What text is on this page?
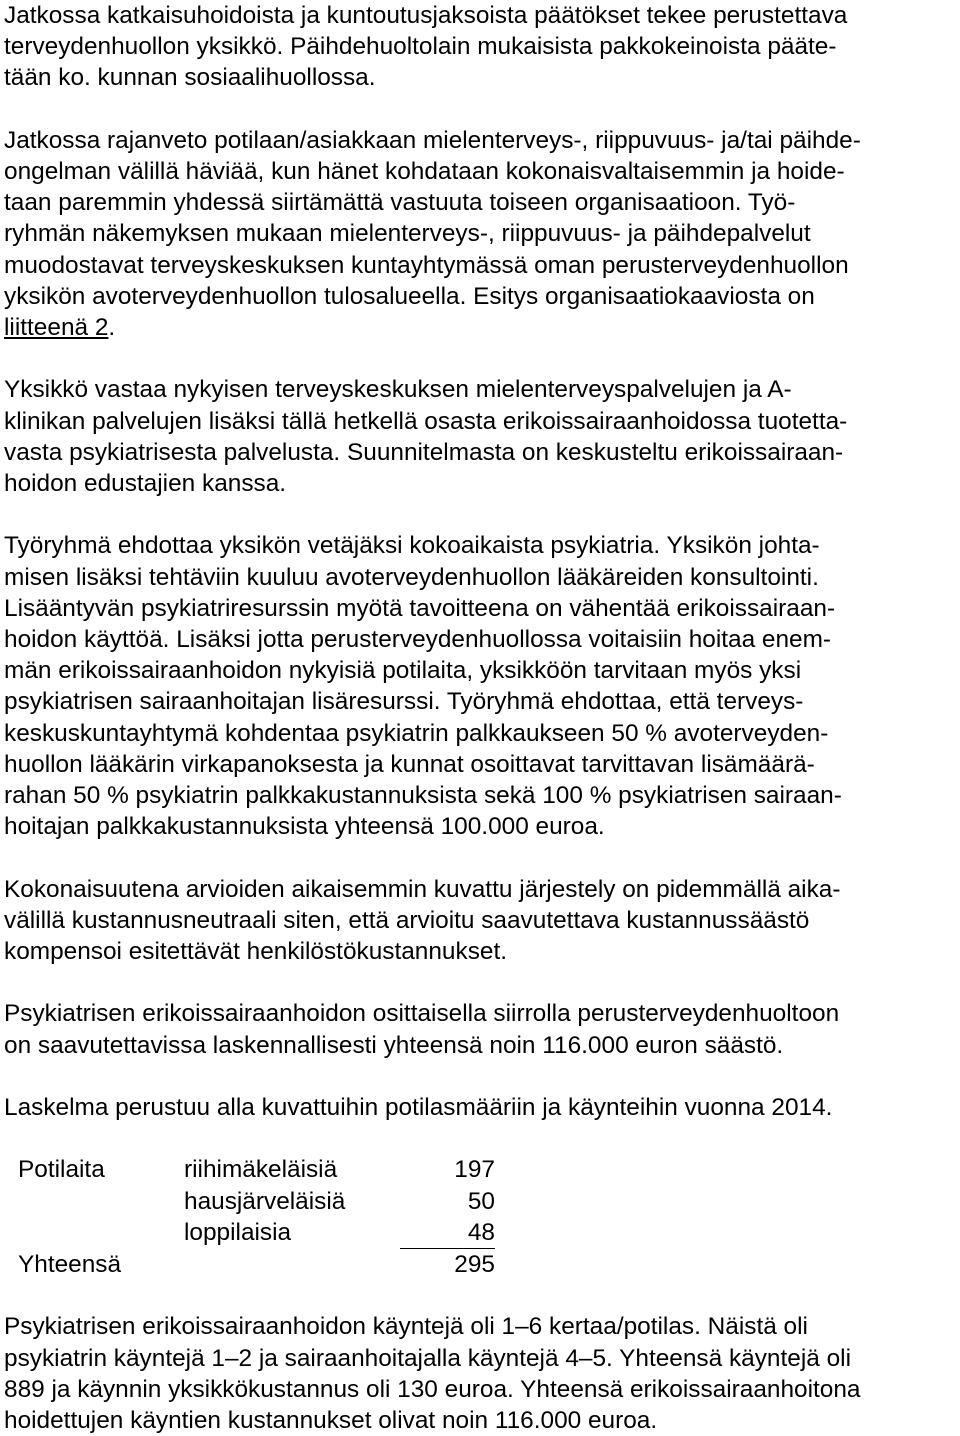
Jatkossa katkaisuhoidoista ja kuntoutusjaksoista päätökset tekee perustettava
terveydenhuollon yksikkö. Päihdehuoltolain mukaisista pakkokeinoista pääte-
tään ko. kunnan sosiaalihuollossa.
Jatkossa rajanveto potilaan/asiakkaan mielenterveys-, riippuvuus- ja/tai päihde-
ongelman välillä häviää, kun hänet kohdataan kokonaisvaltaisemmin ja hoide-
taan paremmin yhdessä siirtämättä vastuuta toiseen organisaatioon. Työ-
ryhmän näkemyksen mukaan mielenterveys-, riippuvuus- ja päihdepalvelut
muodostavat terveyskeskuksen kuntayhtymässä oman perusterveydenhuollon
yksikön avoterveydenhuollon tulosalueella. Esitys organisaatiokaaviosta on
liitteenä 2.
Yksikkö vastaa nykyisen terveyskeskuksen mielenterveyspalvelujen ja A-
klinikan palvelujen lisäksi tällä hetkellä osasta erikoissairaanhoidossa tuotetta-
vasta psykiatrisesta palvelusta. Suunnitelmasta on keskusteltu erikoissairaan-
hoidon edustajien kanssa.
Työryhmä ehdottaa yksikön vetäjäksi kokoaikaista psykiatria. Yksikön johta-
misen lisäksi tehtäviin kuuluu avoterveydenhuollon lääkäreiden konsultointi.
Lisääntyvän psykiatriresurssin myötä tavoitteena on vähentää erikoissairaan-
hoidon käyttöä. Lisäksi jotta perusterveydenhuollossa voitaisiin hoitaa enem-
män erikoissairaanhoidon nykyisiä potilaita, yksikköön tarvitaan myös yksi
psykiatrisen sairaanhoitajan lisäresurssi. Työryhmä ehdottaa, että terveys-
keskuskuntayhtymä kohdentaa psykiatrin palkkaukseen 50 % avoterveyden-
huollon lääkärin virkapanoksesta ja kunnat osoittavat tarvittavan lisämäärä-
rahan 50 % psykiatrin palkkakustannuksista sekä 100 % psykiatrisen sairaan-
hoitajan palkkakustannuksista yhteensä 100.000 euroa.
Kokonaisuutena arvioiden aikaisemmin kuvattu järjestely on pidemmällä aika-
välillä kustannusneutraali siten, että arvioitu saavutettava kustannussäästö
kompensoi esitettävät henkilöstökustannukset.
Psykiatrisen erikoissairaanhoidon osittaisella siirrolla perusterveydenhuoltoon
on saavutettavissa laskennallisesti yhteensä noin 116.000 euron säästö.
Laskelma perustuu alla kuvattuihin potilasmääriin ja käynteihin vuonna 2014.
Potilaita	riihimäkeläisiä	197
	hausjärveläisiä	50
	loppilaisia	48
Yhteensä		295
Psykiatrisen erikoissairaanhoidon käyntejä oli 1–6 kertaa/potilas. Näistä oli
psykiatrin käyntejä 1–2 ja sairaanhoitajalla käyntejä 4–5. Yhteensä käyntejä oli
889 ja käynnin yksikkökustannus oli 130 euroa. Yhteensä erikoissairaanhoitona
hoidettujen käyntien kustannukset olivat noin 116.000 euroa.
